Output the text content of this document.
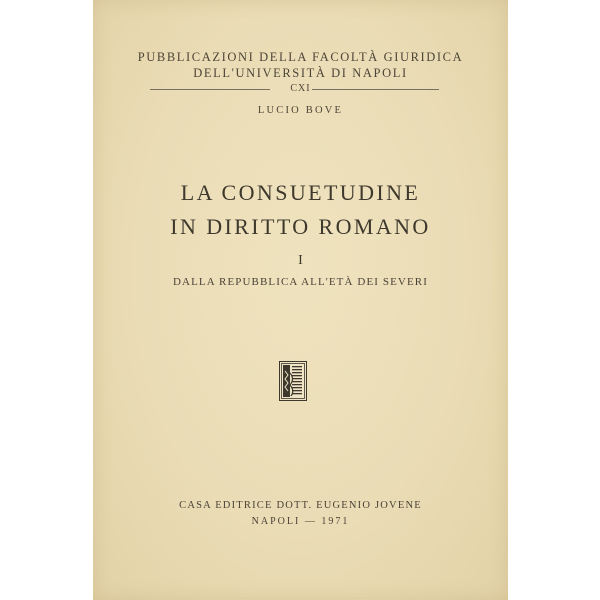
PUBBLICAZIONI DELLA FACOLTÀ GIURIDICA
DELL'UNIVERSITÀ DI NAPOLI
CXI
LUCIO BOVE
LA CONSUETUDINE
IN DIRITTO ROMANO
I
DALLA REPUBBLICA ALL'ETÀ DEI SEVERI
CASA EDITRICE DOTT. EUGENIO JOVENE
NAPOLI — 1971
